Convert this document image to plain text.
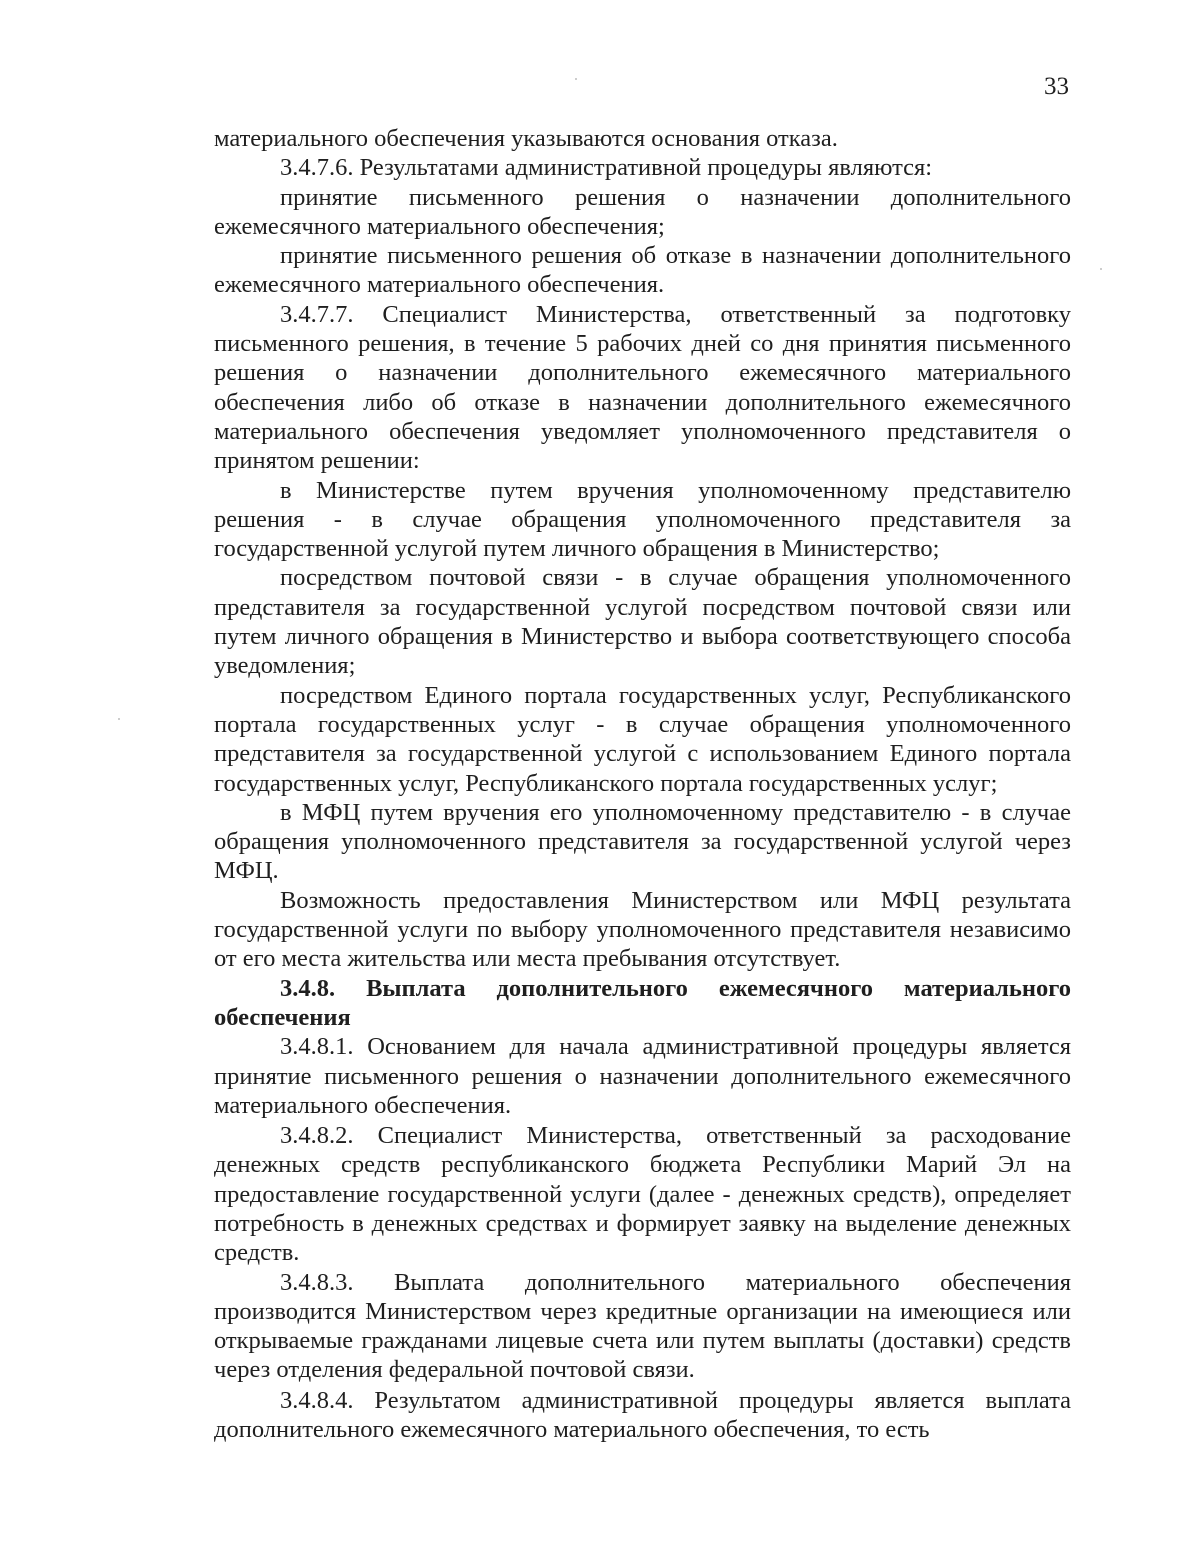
33

материального обеспечения указываются основания отказа.

3.4.7.6. Результатами административной процедуры являются:

принятие письменного решения о назначении дополнительного ежемесячного материального обеспечения;

принятие письменного решения об отказе в назначении дополнительного ежемесячного материального обеспечения.

3.4.7.7. Специалист Министерства, ответственный за подготовку письменного решения, в течение 5 рабочих дней со дня принятия письменного решения о назначении дополнительного ежемесячного материального обеспечения либо об отказе в назначении дополнительного ежемесячного материального обеспечения уведомляет уполномоченного представителя о принятом решении:

в Министерстве путем вручения уполномоченному представителю решения - в случае обращения уполномоченного представителя за государственной услугой путем личного обращения в Министерство;

посредством почтовой связи - в случае обращения уполномоченного представителя за государственной услугой посредством почтовой связи или путем личного обращения в Министерство и выбора соответствующего способа уведомления;

посредством Единого портала государственных услуг, Республиканского портала государственных услуг - в случае обращения уполномоченного представителя за государственной услугой с использованием Единого портала государственных услуг, Республиканского портала государственных услуг;

в МФЦ путем вручения его уполномоченному представителю - в случае обращения уполномоченного представителя за государственной услугой через МФЦ.

Возможность предоставления Министерством или МФЦ результата государственной услуги по выбору уполномоченного представителя независимо от его места жительства или места пребывания отсутствует.

3.4.8. Выплата дополнительного ежемесячного материального обеспечения

3.4.8.1. Основанием для начала административной процедуры является принятие письменного решения о назначении дополнительного ежемесячного материального обеспечения.

3.4.8.2. Специалист Министерства, ответственный за расходование денежных средств республиканского бюджета Республики Марий Эл на предоставление государственной услуги (далее - денежных средств), определяет потребность в денежных средствах и формирует заявку на выделение денежных средств.

3.4.8.3. Выплата дополнительного материального обеспечения производится Министерством через кредитные организации на имеющиеся или открываемые гражданами лицевые счета или путем выплаты (доставки) средств через отделения федеральной почтовой связи.

3.4.8.4. Результатом административной процедуры является выплата дополнительного ежемесячного материального обеспечения, то есть
